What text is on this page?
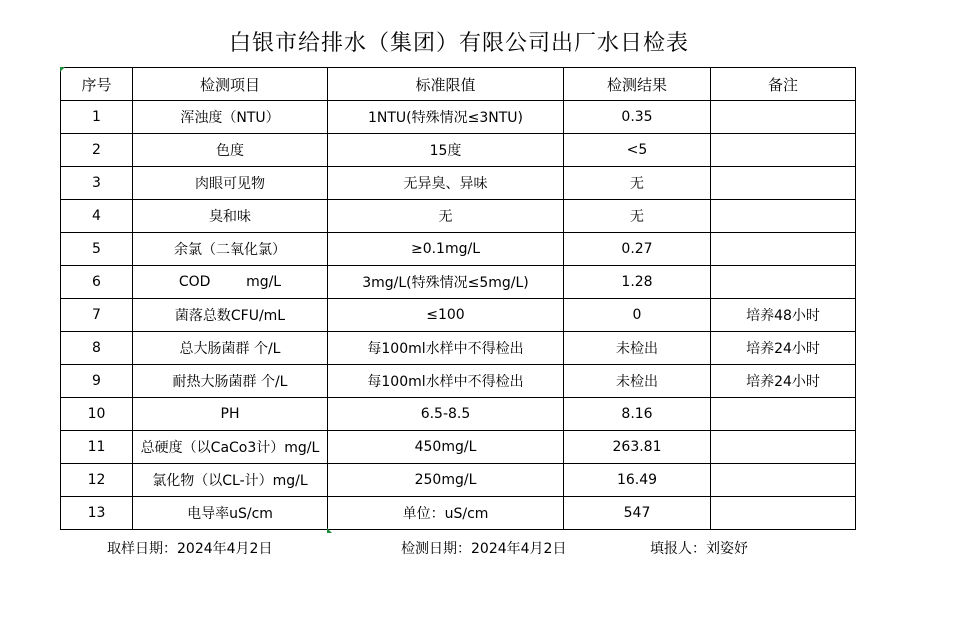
白银市给排水（集团）有限公司出厂水日检表
序号	检测项目	标准限值	检测结果	备注
1	浑浊度（NTU）	1NTU(特殊情况≤3NTU)	0.35	
2	色度	15度	<5	
3	肉眼可见物	无异臭、异味	无	
4	臭和味	无	无	
5	余氯（二氧化氯）	≥0.1mg/L	0.27	
6	COD        mg/L	3mg/L(特殊情况≤5mg/L)	1.28	
7	菌落总数CFU/mL	≤100	0	培养48小时
8	总大肠菌群 个/L	每100ml水样中不得检出	未检出	培养24小时
9	耐热大肠菌群 个/L	每100ml水样中不得检出	未检出	培养24小时
10	PH	6.5-8.5	8.16	
11	总硬度（以CaCo3计）mg/L	450mg/L	263.81	
12	氯化物（以CL-计）mg/L	250mg/L	16.49	
13	电导率uS/cm	单位：uS/cm	547	
取样日期：2024年4月2日	检测日期：2024年4月2日	填报人：刘姿妤
